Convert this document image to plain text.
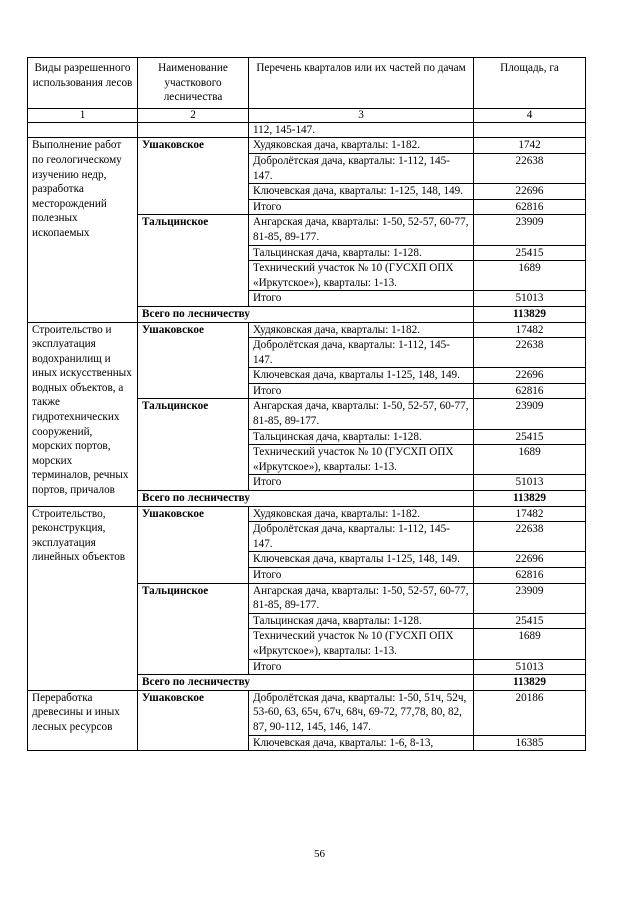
Виды разрешенного использования лесов	Наименование участкового лесничества	Перечень кварталов или их частей по дачам	Площадь, га
1	2	3	4
		112, 145-147.	
Выполнение работ по геологическому изучению недр, разработка месторождений полезных ископаемых	Ушаковское	Худяковская дача, кварталы: 1-182.	1742
		Добролётская дача, кварталы: 1-112, 145-147.	22638
		Ключевская дача, кварталы: 1-125, 148, 149.	22696
		Итого	62816
	Тальцинское	Ангарская дача, кварталы: 1-50, 52-57, 60-77, 81-85, 89-177.	23909
		Тальцинская дача, кварталы: 1-128.	25415
		Технический участок № 10 (ГУСХП ОПХ «Иркутское»), кварталы: 1-13.	1689
		Итого	51013
	Всего по лесничеству		113829
Строительство и эксплуатация водохранилищ и иных искусственных водных объектов, а также гидротехнических сооружений, морских портов, морских терминалов, речных портов, причалов	Ушаковское	Худяковская дача, кварталы: 1-182.	17482
		Добролётская дача, кварталы: 1-112, 145-147.	22638
		Ключевская дача, кварталы 1-125, 148, 149.	22696
		Итого	62816
	Тальцинское	Ангарская дача, кварталы: 1-50, 52-57, 60-77, 81-85, 89-177.	23909
		Тальцинская дача, кварталы: 1-128.	25415
		Технический участок № 10 (ГУСХП ОПХ «Иркутское»), кварталы: 1-13.	1689
		Итого	51013
	Всего по лесничеству		113829
Строительство, реконструкция, эксплуатация линейных объектов	Ушаковское	Худяковская дача, кварталы: 1-182.	17482
		Добролётская дача, кварталы: 1-112, 145-147.	22638
		Ключевская дача, кварталы 1-125, 148, 149.	22696
		Итого	62816
	Тальцинское	Ангарская дача, кварталы: 1-50, 52-57, 60-77, 81-85, 89-177.	23909
		Тальцинская дача, кварталы: 1-128.	25415
		Технический участок № 10 (ГУСХП ОПХ «Иркутское»), кварталы: 1-13.	1689
		Итого	51013
	Всего по лесничеству		113829
Переработка древесины и иных лесных ресурсов	Ушаковское	Добролётская дача, кварталы: 1-50, 51ч, 52ч, 53-60, 63, 65ч, 67ч, 68ч, 69-72, 77,78, 80, 82, 87, 90-112, 145, 146, 147.	20186
		Ключевская дача, кварталы: 1-6, 8-13,	16385
56
